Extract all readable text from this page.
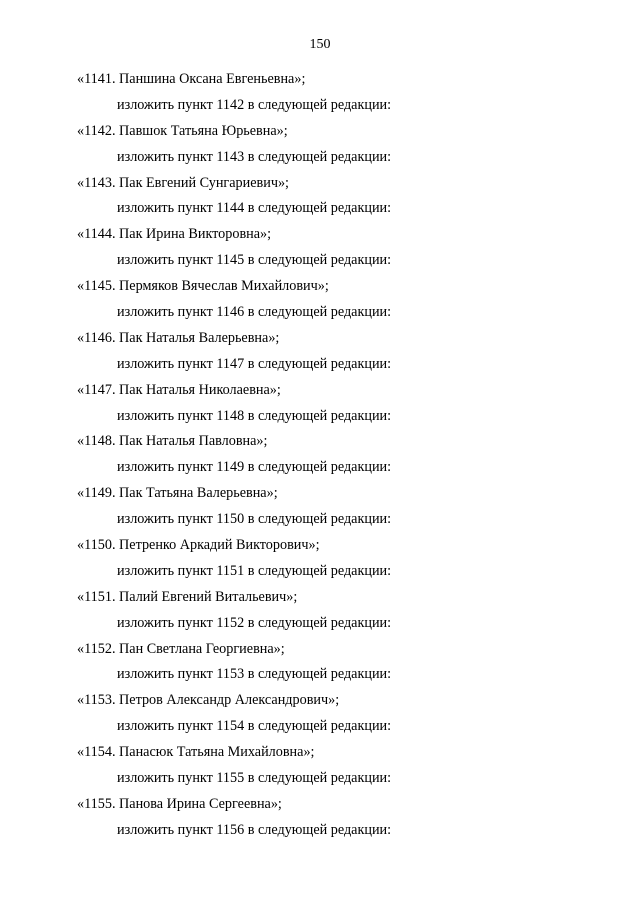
150
«1141. Паншина Оксана Евгеньевна»;
изложить пункт 1142 в следующей редакции:
«1142. Павшок Татьяна Юрьевна»;
изложить пункт 1143 в следующей редакции:
«1143. Пак Евгений Сунгариевич»;
изложить пункт 1144 в следующей редакции:
«1144. Пак Ирина Викторовна»;
изложить пункт 1145 в следующей редакции:
«1145. Пермяков Вячеслав Михайлович»;
изложить пункт 1146 в следующей редакции:
«1146. Пак Наталья Валерьевна»;
изложить пункт 1147 в следующей редакции:
«1147. Пак Наталья Николаевна»;
изложить пункт 1148 в следующей редакции:
«1148. Пак Наталья Павловна»;
изложить пункт 1149 в следующей редакции:
«1149. Пак Татьяна Валерьевна»;
изложить пункт 1150 в следующей редакции:
«1150. Петренко Аркадий Викторович»;
изложить пункт 1151 в следующей редакции:
«1151. Палий Евгений Витальевич»;
изложить пункт 1152 в следующей редакции:
«1152. Пан Светлана Георгиевна»;
изложить пункт 1153 в следующей редакции:
«1153. Петров Александр Александрович»;
изложить пункт 1154 в следующей редакции:
«1154. Панасюк Татьяна Михайловна»;
изложить пункт 1155 в следующей редакции:
«1155. Панова Ирина Сергеевна»;
изложить пункт 1156 в следующей редакции:
